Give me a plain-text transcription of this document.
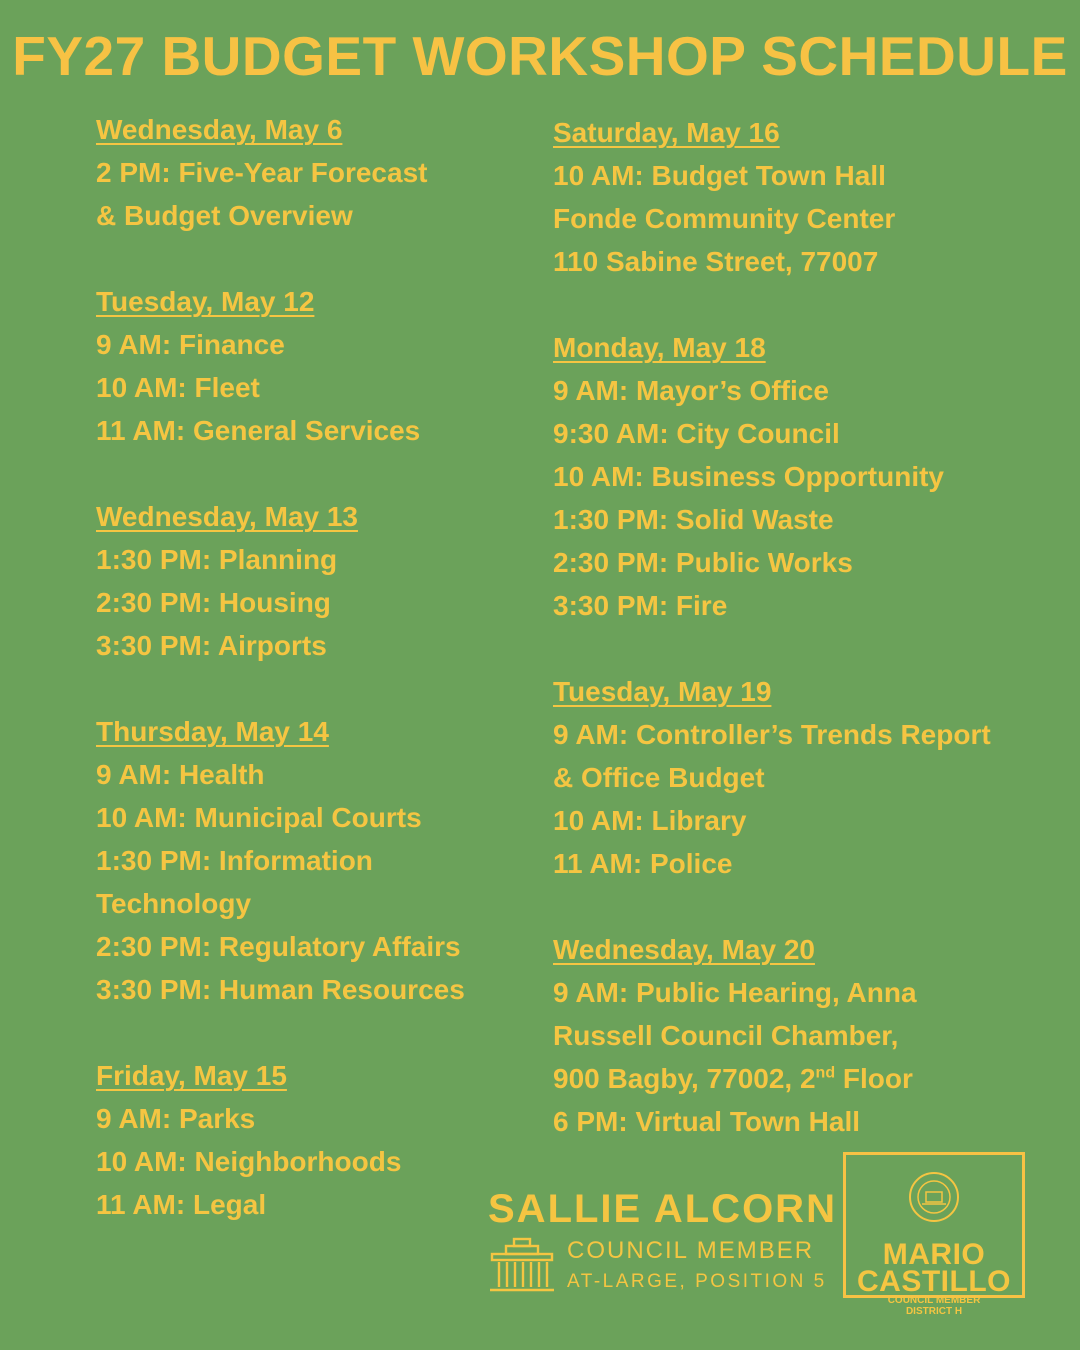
FY27 BUDGET WORKSHOP SCHEDULE
Wednesday, May 6
2 PM: Five-Year Forecast
& Budget Overview
Tuesday, May 12
9 AM: Finance
10 AM: Fleet
11 AM: General Services
Wednesday, May 13
1:30 PM: Planning
2:30 PM: Housing
3:30 PM: Airports
Thursday, May 14
9 AM: Health
10 AM: Municipal Courts
1:30 PM: Information
Technology
2:30 PM: Regulatory Affairs
3:30 PM: Human Resources
Friday, May 15
9 AM: Parks
10 AM: Neighborhoods
11 AM: Legal
Saturday, May 16
10 AM: Budget Town Hall
Fonde Community Center
110 Sabine Street, 77007
Monday, May 18
9 AM: Mayor’s Office
9:30 AM: City Council
10 AM: Business Opportunity
1:30 PM: Solid Waste
2:30 PM: Public Works
3:30 PM: Fire
Tuesday, May 19
9 AM: Controller’s Trends Report
& Office Budget
10 AM: Library
11 AM: Police
Wednesday, May 20
9 AM: Public Hearing, Anna
Russell Council Chamber,
900 Bagby, 77002, 2nd Floor
6 PM: Virtual Town Hall
SALLIE ALCORN
COUNCIL MEMBER
AT-LARGE, POSITION 5
MARIO
CASTILLO
COUNCIL MEMBER
DISTRICT H
